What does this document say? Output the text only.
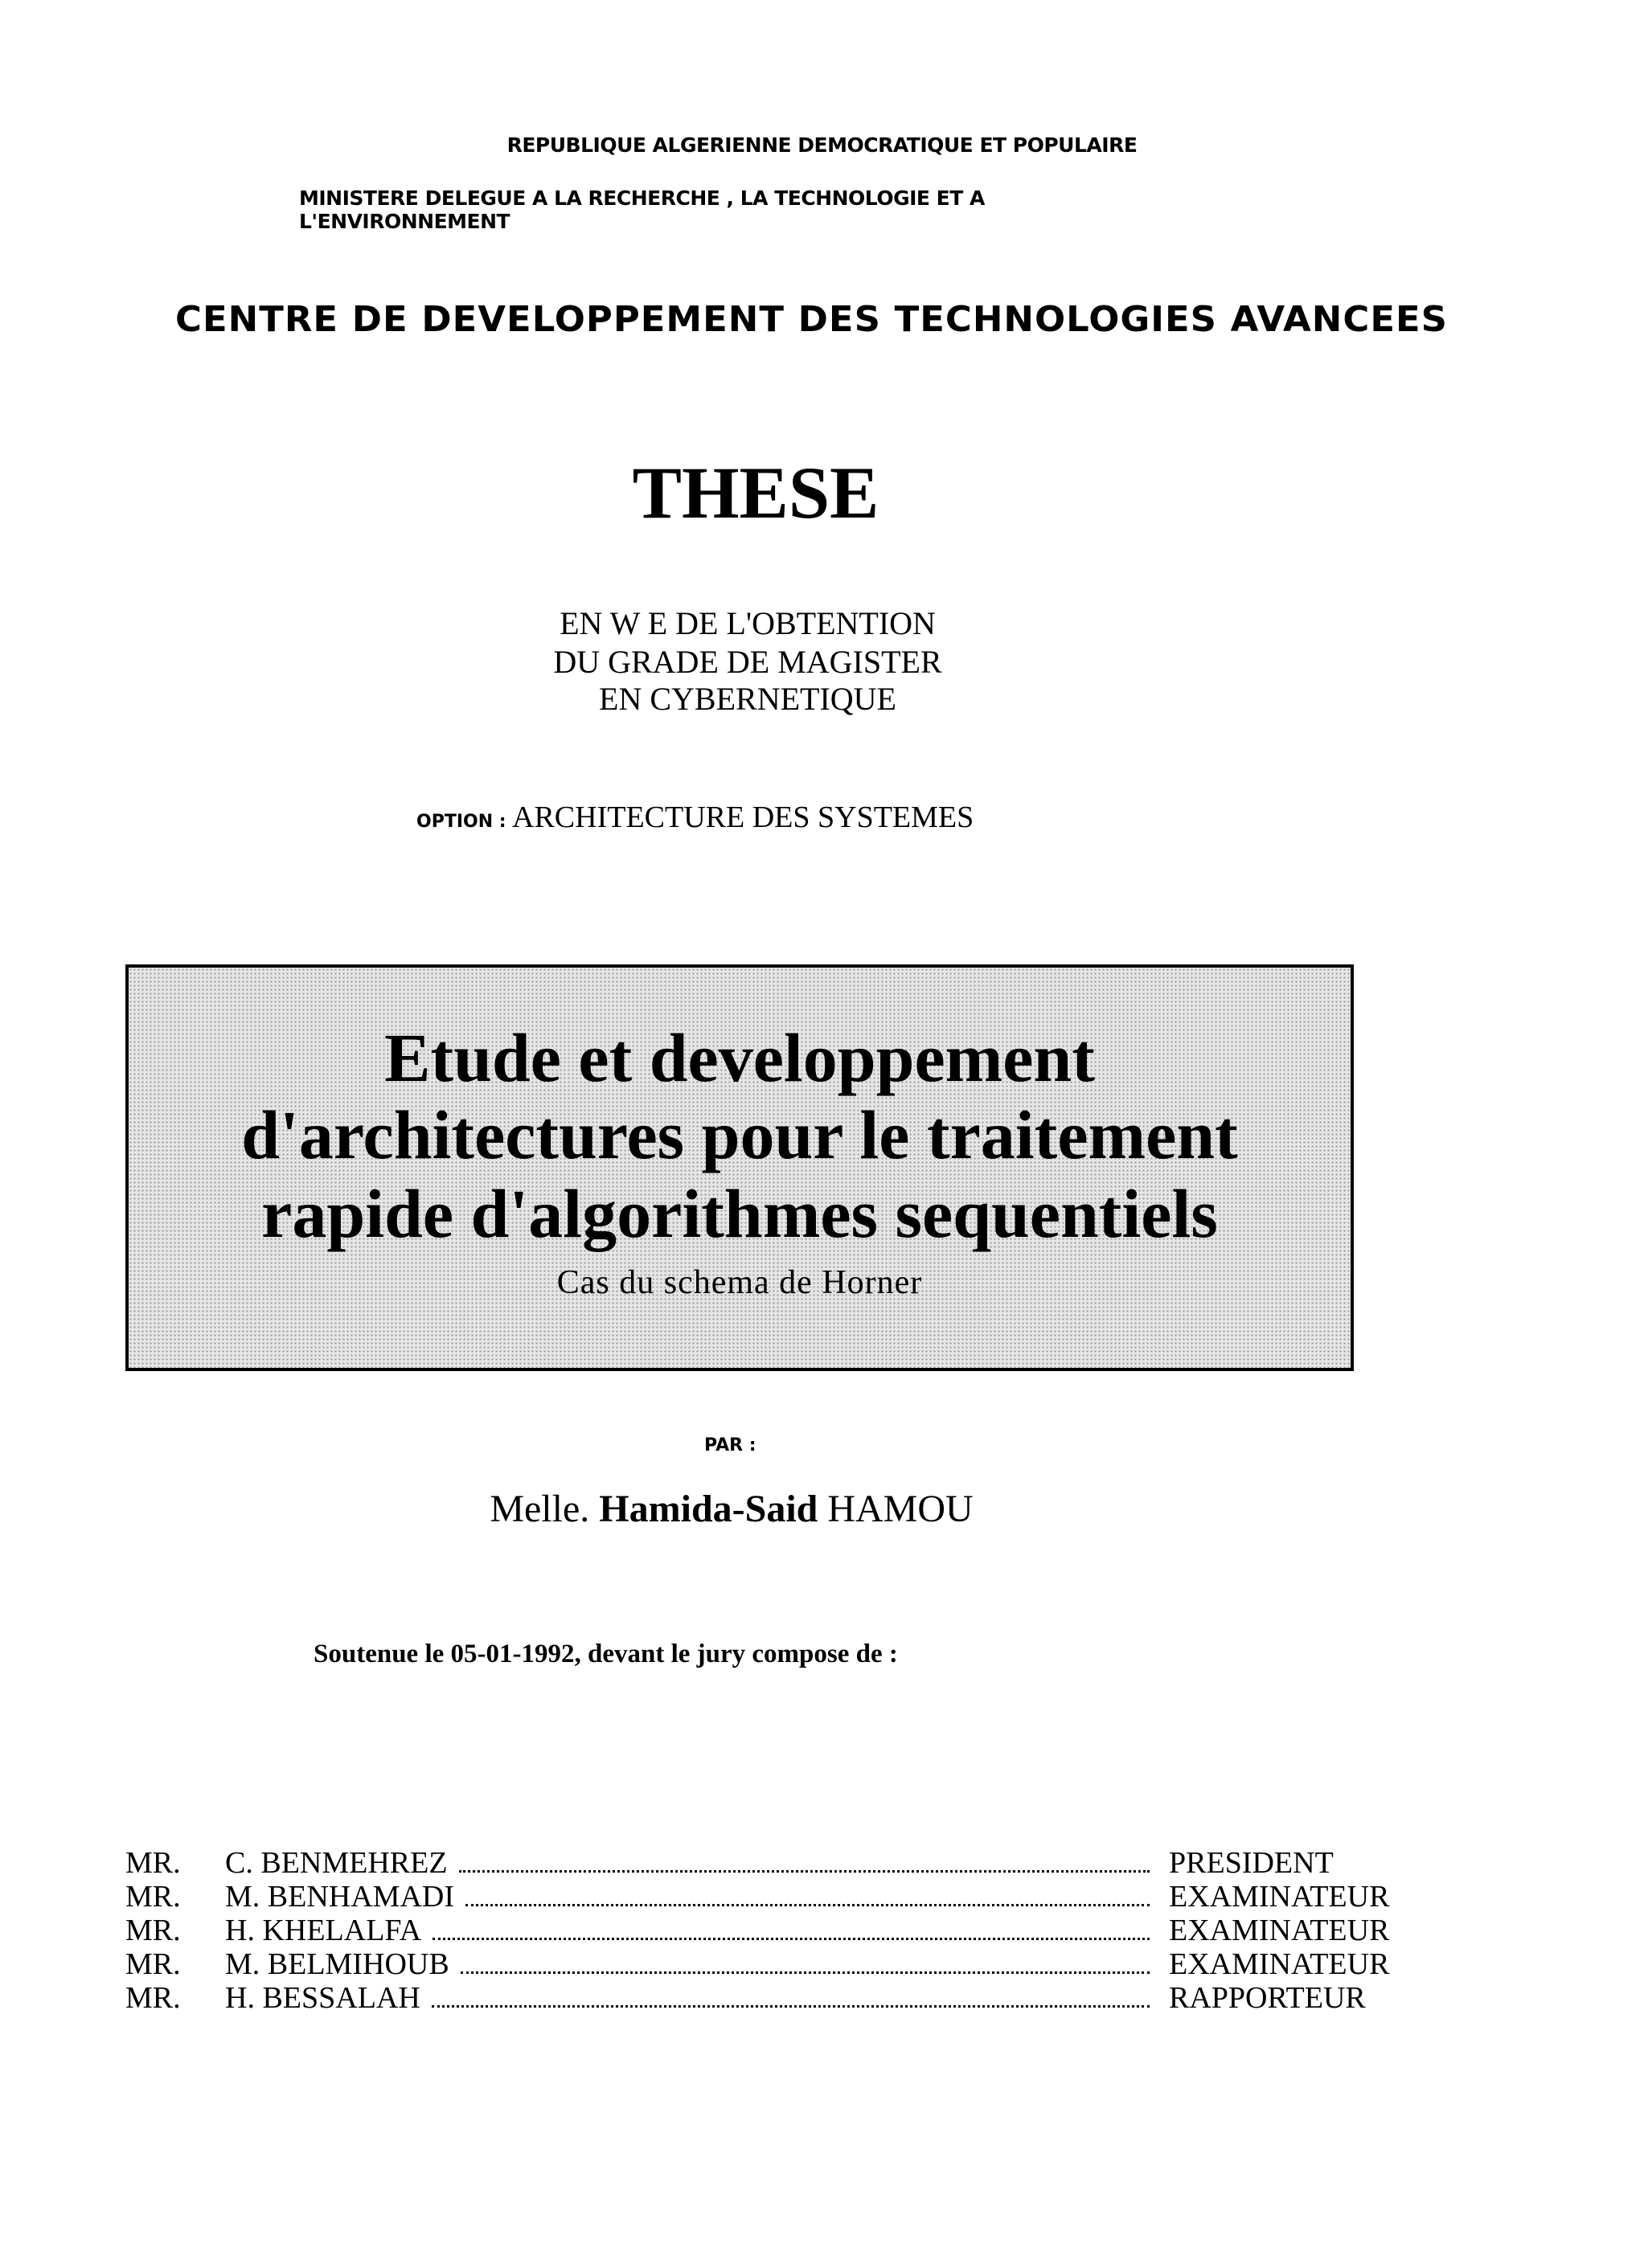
REPUBLIQUE ALGERIENNE DEMOCRATIQUE ET POPULAIRE
MINISTERE DELEGUE A LA RECHERCHE , LA TECHNOLOGIE ET A L'ENVIRONNEMENT
CENTRE DE DEVELOPPEMENT DES TECHNOLOGIES AVANCEES
THESE
EN W E DE L'OBTENTION
DU GRADE DE MAGISTER
EN CYBERNETIQUE
OPTION : ARCHITECTURE DES SYSTEMES
Etude et developpement
d'architectures pour le traitement
rapide d'algorithmes sequentiels
Cas du schema de Horner
PAR :
Melle. Hamida-Said HAMOU
Soutenue le 05-01-1992, devant le jury compose de :
MR.	C. BENMEHREZ	PRESIDENT
MR.	M. BENHAMADI	EXAMINATEUR
MR.	H. KHELALFA	EXAMINATEUR
MR.	M. BELMIHOUB	EXAMINATEUR
MR.	H. BESSALAH	RAPPORTEUR
